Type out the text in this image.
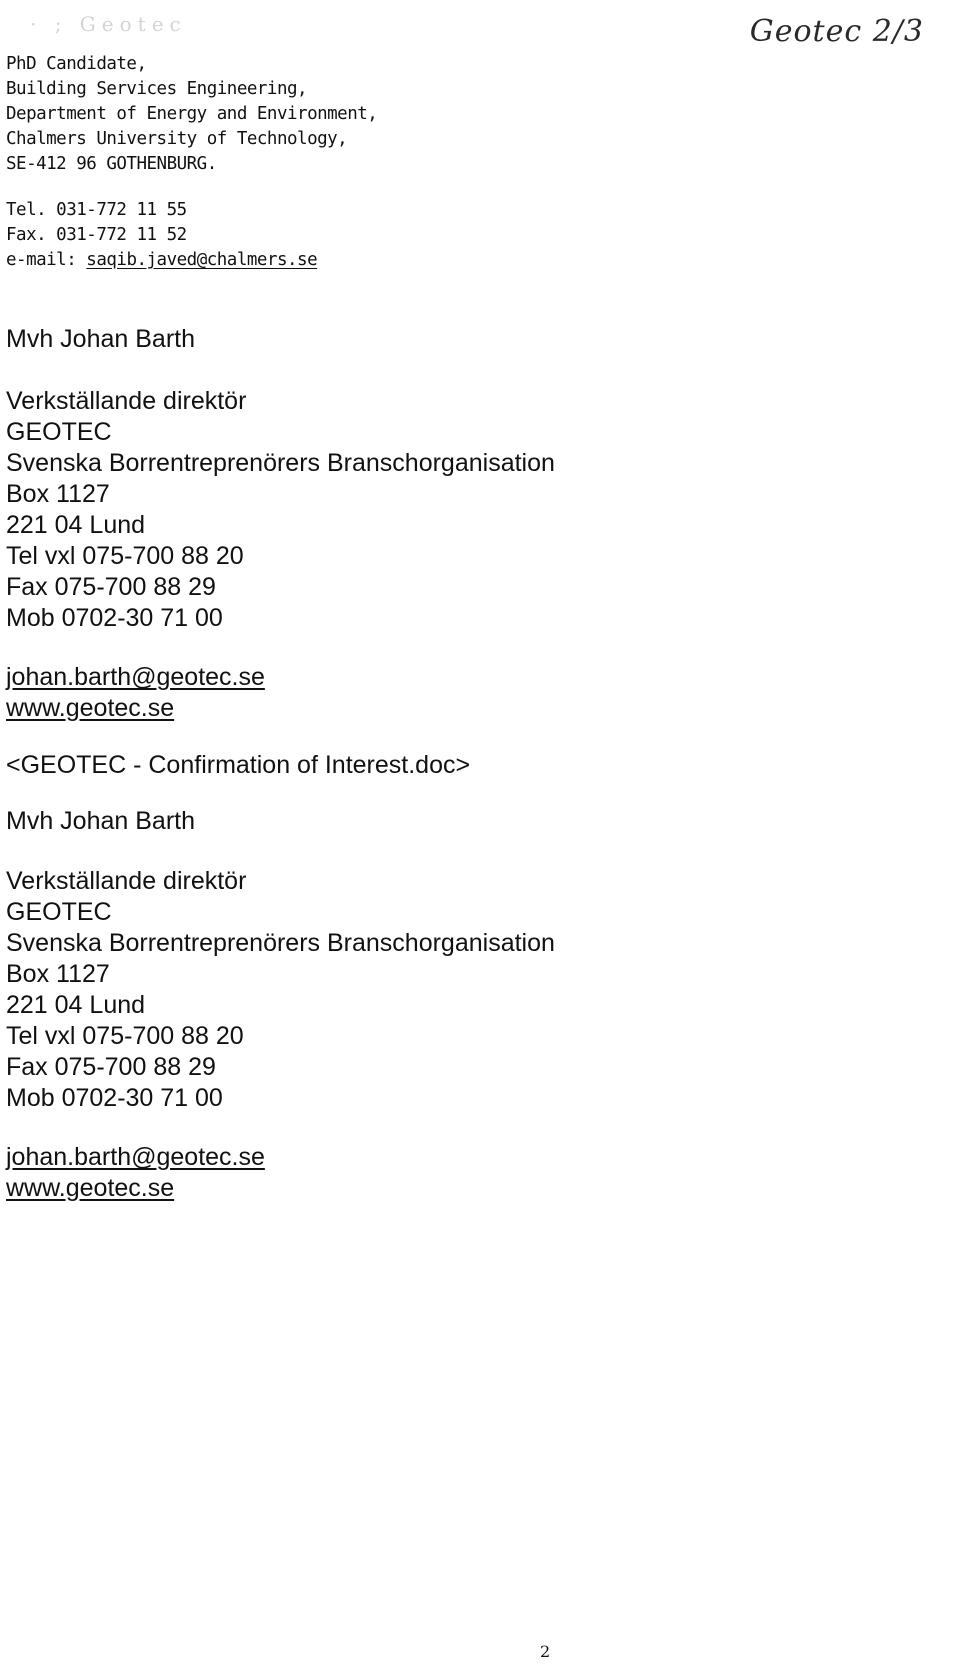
· ; Geotec	Geotec 2/3
PhD Candidate,
Building Services Engineering,
Department of Energy and Environment,
Chalmers University of Technology,
SE-412 96 GOTHENBURG.
Tel. 031-772 11 55
Fax. 031-772 11 52
e-mail: saqib.javed@chalmers.se
Mvh Johan Barth
Verkställande direktör
GEOTEC
Svenska Borrentreprenörers Branschorganisation
Box 1127
221 04 Lund
Tel vxl 075-700 88 20
Fax 075-700 88 29
Mob 0702-30 71 00
johan.barth@geotec.se
www.geotec.se
<GEOTEC - Confirmation of Interest.doc>
Mvh Johan Barth
Verkställande direktör
GEOTEC
Svenska Borrentreprenörers Branschorganisation
Box 1127
221 04 Lund
Tel vxl 075-700 88 20
Fax 075-700 88 29
Mob 0702-30 71 00
johan.barth@geotec.se
www.geotec.se
2
